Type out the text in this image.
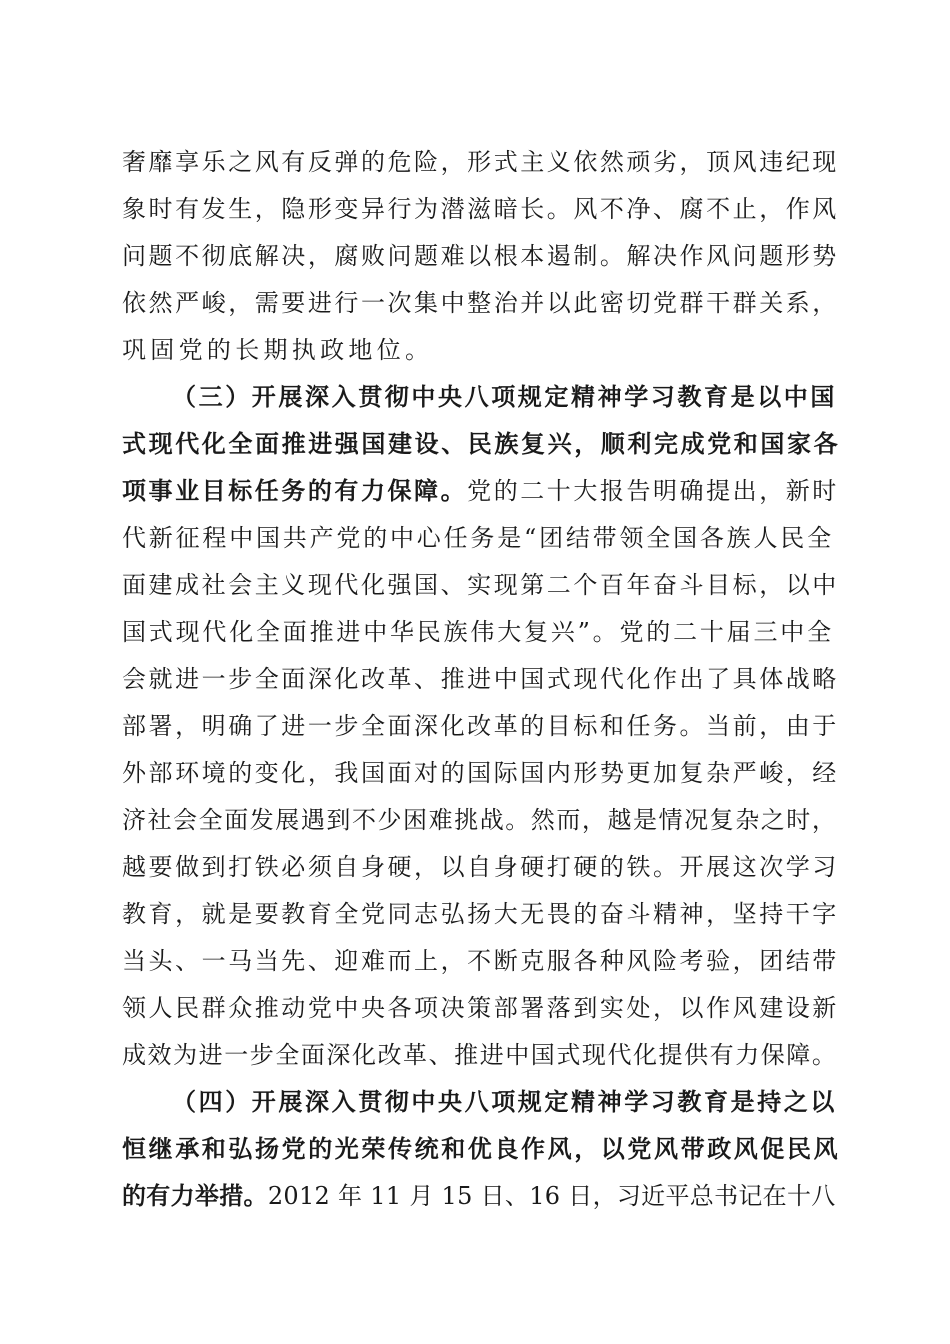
奢靡享乐之风有反弹的危险，形式主义依然顽劣，顶风违纪现
象时有发生，隐形变异行为潜滋暗长。风不净、腐不止，作风
问题不彻底解决，腐败问题难以根本遏制。解决作风问题形势
依然严峻，需要进行一次集中整治并以此密切党群干群关系，
巩固党的长期执政地位。
（三）开展深入贯彻中央八项规定精神学习教育是以中国
式现代化全面推进强国建设、民族复兴，顺利完成党和国家各
项事业目标任务的有力保障。党的二十大报告明确提出，新时
代新征程中国共产党的中心任务是“团结带领全国各族人民全
面建成社会主义现代化强国、实现第二个百年奋斗目标，以中
国式现代化全面推进中华民族伟大复兴”。党的二十届三中全
会就进一步全面深化改革、推进中国式现代化作出了具体战略
部署，明确了进一步全面深化改革的目标和任务。当前，由于
外部环境的变化，我国面对的国际国内形势更加复杂严峻，经
济社会全面发展遇到不少困难挑战。然而，越是情况复杂之时，
越要做到打铁必须自身硬，以自身硬打硬的铁。开展这次学习
教育，就是要教育全党同志弘扬大无畏的奋斗精神，坚持干字
当头、一马当先、迎难而上，不断克服各种风险考验，团结带
领人民群众推动党中央各项决策部署落到实处，以作风建设新
成效为进一步全面深化改革、推进中国式现代化提供有力保障。
（四）开展深入贯彻中央八项规定精神学习教育是持之以
恒继承和弘扬党的光荣传统和优良作风，以党风带政风促民风
的有力举措。2012 年 11 月 15 日、16 日，习近平总书记在十八
